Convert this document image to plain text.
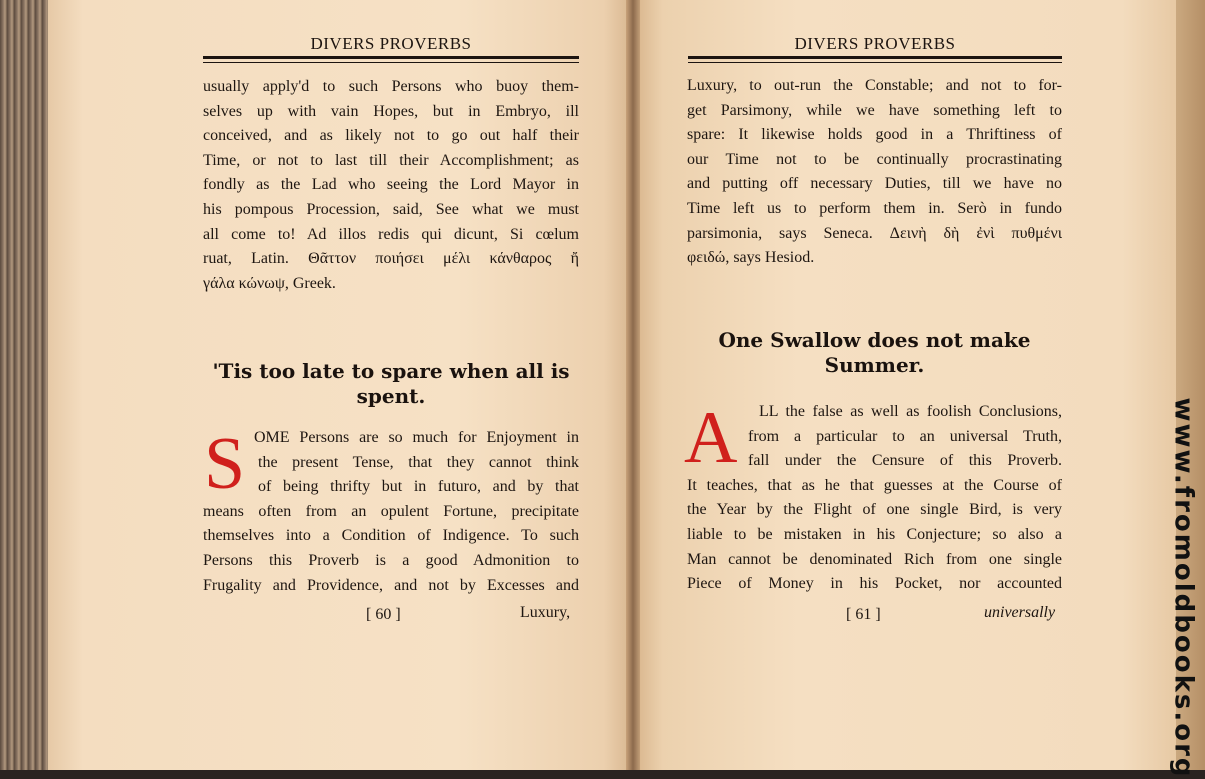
DIVERS PROVERBS
usually apply'd to such Persons who buoy them-
selves up with vain Hopes, but in Embryo, ill
conceived, and as likely not to go out half their
Time, or not to last till their Accomplishment; as
fondly as the Lad who seeing the Lord Mayor in
his pompous Procession, said, See what we must
all come to! Ad illos redis qui dicunt, Si cœlum
ruat, Latin. Θᾶττον ποιήσει μέλι κάνθαρος ἤ
γάλα κώνωψ, Greek.
'Tis too late to spare when all is
spent.
S OME Persons are so much for Enjoyment in
the present Tense, that they cannot think
of being thrifty but in futuro, and by that
means often from an opulent Fortune, precipitate
themselves into a Condition of Indigence. To such
Persons this Proverb is a good Admonition to
Frugality and Providence, and not by Excesses and
[ 60 ]	Luxury,
DIVERS PROVERBS
Luxury, to out-run the Constable; and not to for-
get Parsimony, while we have something left to
spare: It likewise holds good in a Thriftiness of
our Time not to be continually procrastinating
and putting off necessary Duties, till we have no
Time left us to perform them in. Serò in fundo
parsimonia, says Seneca. Δεινὴ δὴ ἐνὶ πυθμένι
φειδώ, says Hesiod.
One Swallow does not make
Summer.
A LL the false as well as foolish Conclusions,
from a particular to an universal Truth,
fall under the Censure of this Proverb.
It teaches, that as he that guesses at the Course of
the Year by the Flight of one single Bird, is very
liable to be mistaken in his Conjecture; so also a
Man cannot be denominated Rich from one single
Piece of Money in his Pocket, nor accounted
[ 61 ]	universally	www.fromoldbooks.org
